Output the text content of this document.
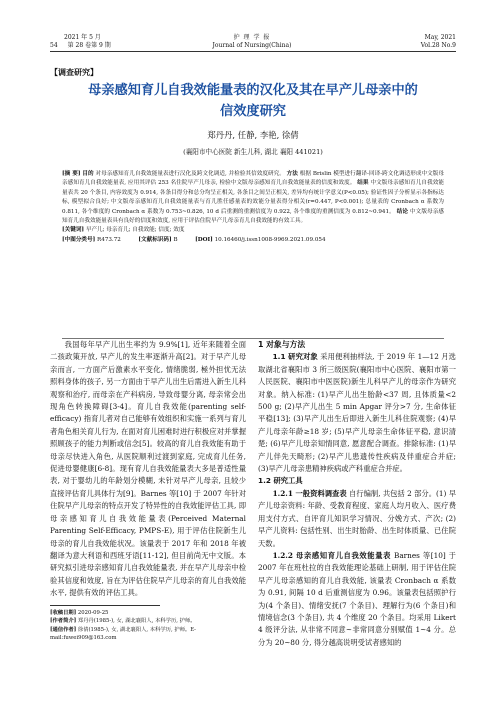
2021 年 5 月
54 第 28 卷第 9 期
护 理 学 报
Journal of Nursing(China)
May, 2021
Vol.28 No.9
【调查研究】
母亲感知育儿自我效能量表的汉化及其在早产儿母亲中的
信效度研究
郑丹丹, 任静, 李艳, 徐倩
(襄阳市中心医院 新生儿科, 湖北 襄阳 441021)

[摘 要] 目的 对母亲感知育儿自我效能量表进行汉化及跨文化调适, 并检验其信效度研究。 方法 根据 Brislin 模型进行翻译-回译-跨文化调适形成中文版母亲感知育儿自我效能量表, 应用其评估 253 名住院早产儿母亲, 检验中文版母亲感知育儿自我效能量表的信度和效度。 结果 中文版母亲感知育儿自我效能量表共 20 个条目, 内容效度为 0.914, 各条目得分和总分均呈正相关, 各条目之间呈正相关, 差异均有统计学意义(P<0.05); 验证性因子分析显示各指标达标, 模型拟合良好; 中文版母亲感知育儿自我效能量表与育儿胜任感量表的效能分量表得分相关(r=0.447, P<0.001); 总量表的 Cronbach α 系数为 0.811, 各个维度的 Cronbach α 系数为 0.753~0.826, 10 d 后重测的重测信度为 0.922, 各个维度的重测信度为 0.812~0.941。 结论 中文版母亲感知育儿自我效能量表具有良好的信度和效度, 应用于评估住院早产儿母亲育儿自我效能的有效工具。

[关键词] 早产儿; 母亲育儿; 自我效能; 信度; 效度

[中图分类号] R473.72	[文献标识码] B	[DOI] 10.16460/j.issn1008-9969.2021.09.054

我国每年早产儿出生率约为 9.9%[1], 近年来随着全面二孩政策开放, 早产儿的发生率逐渐升高[2]。对于早产儿母亲而言, 一方面产后激素水平变化, 情绪脆弱, 極外担忧无法照料身体的孩子, 另一方面由于早产儿出生后需进入新生儿科观察和治疗, 而母亲在产科病房, 导致母婴分离, 母亲常会出现角色转换障碍[3-4]。育儿自我效能(parenting self-efficacy) 指育儿者对自己能够有效组织和实施一系列与育儿者角色相关育儿行为, 在面对育儿困难时进行积极应对并掌握照顾孩子的能力判断或信念[5]。较高的育儿自我效能有助于母亲尽快进入角色, 从医院顺利过渡到家庭, 完成育儿任务, 促进母婴健康[6-8]。现有育儿自我效能量表大多是普适性量表, 对于婴幼儿的年龄划分模糊, 未针对早产儿母亲, 且较少直接评估育儿具体行为[9]。Barnes 等[10] 于 2007 年针对住院早产儿母亲的特点开发了特异性的自我效能评估工具, 即母亲感知育儿自我效能量表(Perceived Maternal Parenting Self-Efficacy, PMPS-E), 用于评估住院新生儿母亲的育儿自我效能状况。该量表于 2017 年和 2018 年被翻译为意大利语和西班牙语[11-12], 但目前尚无中文版。本研究拟引进母亲感知育儿自我效能量表, 并在早产儿母亲中检验其信度和效度, 旨在为评估住院早产儿母亲的育儿自我效能水平, 提供有效的评估工具。

[收稿日期] 2020-09-25
[作者简介] 郑丹丹(1985-), 女, 湖北襄阳人, 本科学历, 护师。
[通信作者] 徐倩(1985-), 女, 湖北襄阳人, 本科学历, 护师。E-mail:fuwei909@163.com

1 对象与方法

1.1 研究对象 采用便利抽样法, 于 2019 年 1—12 月选取湖北省襄阳市 3 所三级医院(襄阳市中心医院、襄阳市第一人民医院、襄阳市中医医院)新生儿科早产儿的母亲作为研究对象。纳入标准: (1)早产儿出生胎龄<37 周, 且体质量<2 500 g; (2)早产儿出生 5 min Apgar 评分>7 分, 生命体征平稳[13]; (3)早产儿出生后即进入新生儿科住院观察; (4)早产儿母亲年龄≥18 岁; (5)早产儿母亲生命体征平稳, 意识清楚; (6)早产儿母亲知情同意, 愿意配合调查。排除标准: (1)早产儿伴先天畸形; (2)早产儿患遗传性疾病及伴重症合并症; (3)早产儿母亲患精神疾病或产科重症合并症。

1.2 研究工具

1.2.1 一般资料调查表 自行编制, 共包括 2 部分。(1) 早产儿母亲资料: 年龄、受教育程度、家庭人均月收入、医疗费用支付方式、自评育儿知识学习情况、分娩方式、产次; (2) 早产儿资料: 包括性别、出生时胎龄、出生时体质量、已住院天数。

1.2.2 母亲感知育儿自我效能量表 Barnes 等[10] 于 2007 年在班杜拉的自我效能理论基础上研制, 用于评估住院早产儿母亲感知的育儿自我效能, 该量表 Cronbach α 系数为 0.91, 间隔 10 d 后重测信度为 0.96。该量表包括照护行为(4 个条目)、情绪安抚(7 个条目)、理解行为(6 个条目)和情境信念(3 个条目), 共 4 个维度 20 个条目。均采用 Likert 4 级评分法, 从非常不同意~非常同意分别赋值 1~4 分。总分为 20~80 分, 得分越高说明受试者感知的
